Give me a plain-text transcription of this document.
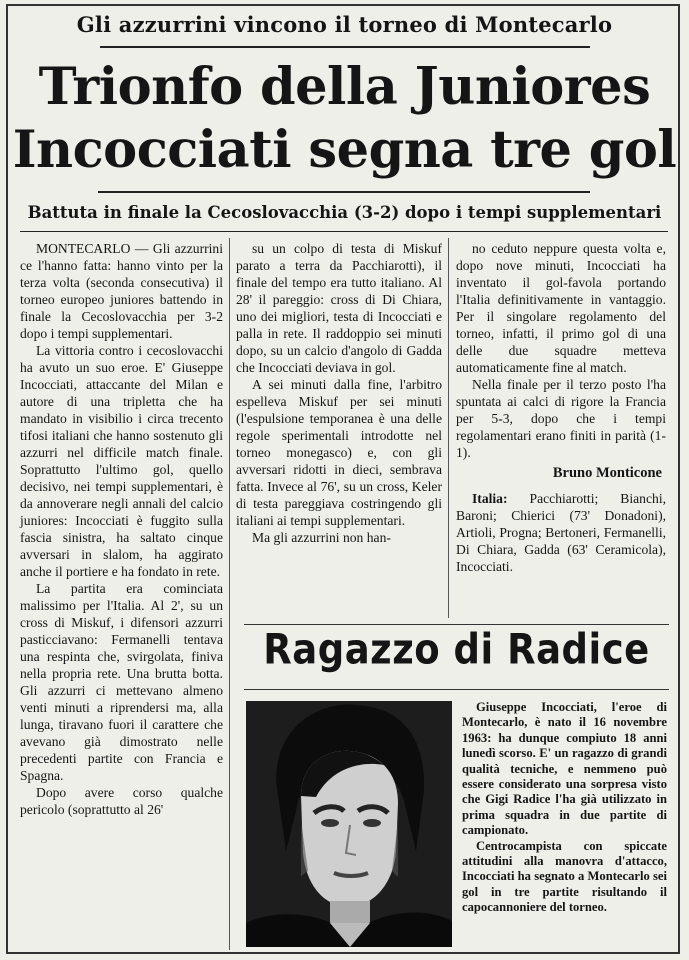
Gli azzurrini vincono il torneo di Montecarlo
Trionfo della Juniores
Incocciati segna tre gol
Battuta in finale la Cecoslovacchia (3-2) dopo i tempi supplementari

MONTECARLO — Gli azzurrini ce l'hanno fatta: hanno vinto per la terza volta (seconda consecutiva) il torneo europeo juniores battendo in finale la Cecoslovacchia per 3-2 dopo i tempi supplementari.

La vittoria contro i cecoslovacchi ha avuto un suo eroe. E' Giuseppe Incocciati, attaccante del Milan e autore di una tripletta che ha mandato in visibilio i circa trecento tifosi italiani che hanno sostenuto gli azzurri nel difficile match finale. Soprattutto l'ultimo gol, quello decisivo, nei tempi supplementari, è da annoverare negli annali del calcio juniores: Incocciati è fuggito sulla fascia sinistra, ha saltato cinque avversari in slalom, ha aggirato anche il portiere e ha fondato in rete.

La partita era cominciata malissimo per l'Italia. Al 2', su un cross di Miskuf, i difensori azzurri pasticciavano: Fermanelli tentava una respinta che, svirgolata, finiva nella propria rete. Una brutta botta. Gli azzurri ci mettevano almeno venti minuti a riprendersi ma, alla lunga, tiravano fuori il carattere che avevano già dimostrato nelle precedenti partite con Francia e Spagna.

Dopo avere corso qualche pericolo (soprattutto al 26'

su un colpo di testa di Miskuf parato a terra da Pacchiarotti), il finale del tempo era tutto italiano. Al 28' il pareggio: cross di Di Chiara, uno dei migliori, testa di Incocciati e palla in rete. Il raddoppio sei minuti dopo, su un calcio d'angolo di Gadda che Incocciati deviava in gol.

A sei minuti dalla fine, l'arbitro espelleva Miskuf per sei minuti (l'espulsione temporanea è una delle regole sperimentali introdotte nel torneo monegasco) e, con gli avversari ridotti in dieci, sembrava fatta. Invece al 76', su un cross, Keler di testa pareggiava costringendo gli italiani ai tempi supplementari.

Ma gli azzurrini non han-

no ceduto neppure questa volta e, dopo nove minuti, Incocciati ha inventato il gol-favola portando l'Italia definitivamente in vantaggio. Per il singolare regolamento del torneo, infatti, il primo gol di una delle due squadre metteva automaticamente fine al match.

Nella finale per il terzo posto l'ha spuntata ai calci di rigore la Francia per 5-3, dopo che i tempi regolamentari erano finiti in parità (1-1).

Bruno Monticone

Italia: Pacchiarotti; Bianchi, Baroni; Chierici (73' Donadoni), Artioli, Progna; Bertoneri, Fermanelli, Di Chiara, Gadda (63' Ceramicola), Incocciati.

Ragazzo di Radice

Giuseppe Incocciati, l'eroe di Montecarlo, è nato il 16 novembre 1963: ha dunque compiuto 18 anni lunedì scorso. E' un ragazzo di grandi qualità tecniche, e nemmeno può essere considerato una sorpresa visto che Gigi Radice l'ha già utilizzato in prima squadra in due partite di campionato.

Centrocampista con spiccate attitudini alla manovra d'attacco, Incocciati ha segnato a Montecarlo sei gol in tre partite risultando il capocannoniere del torneo.
